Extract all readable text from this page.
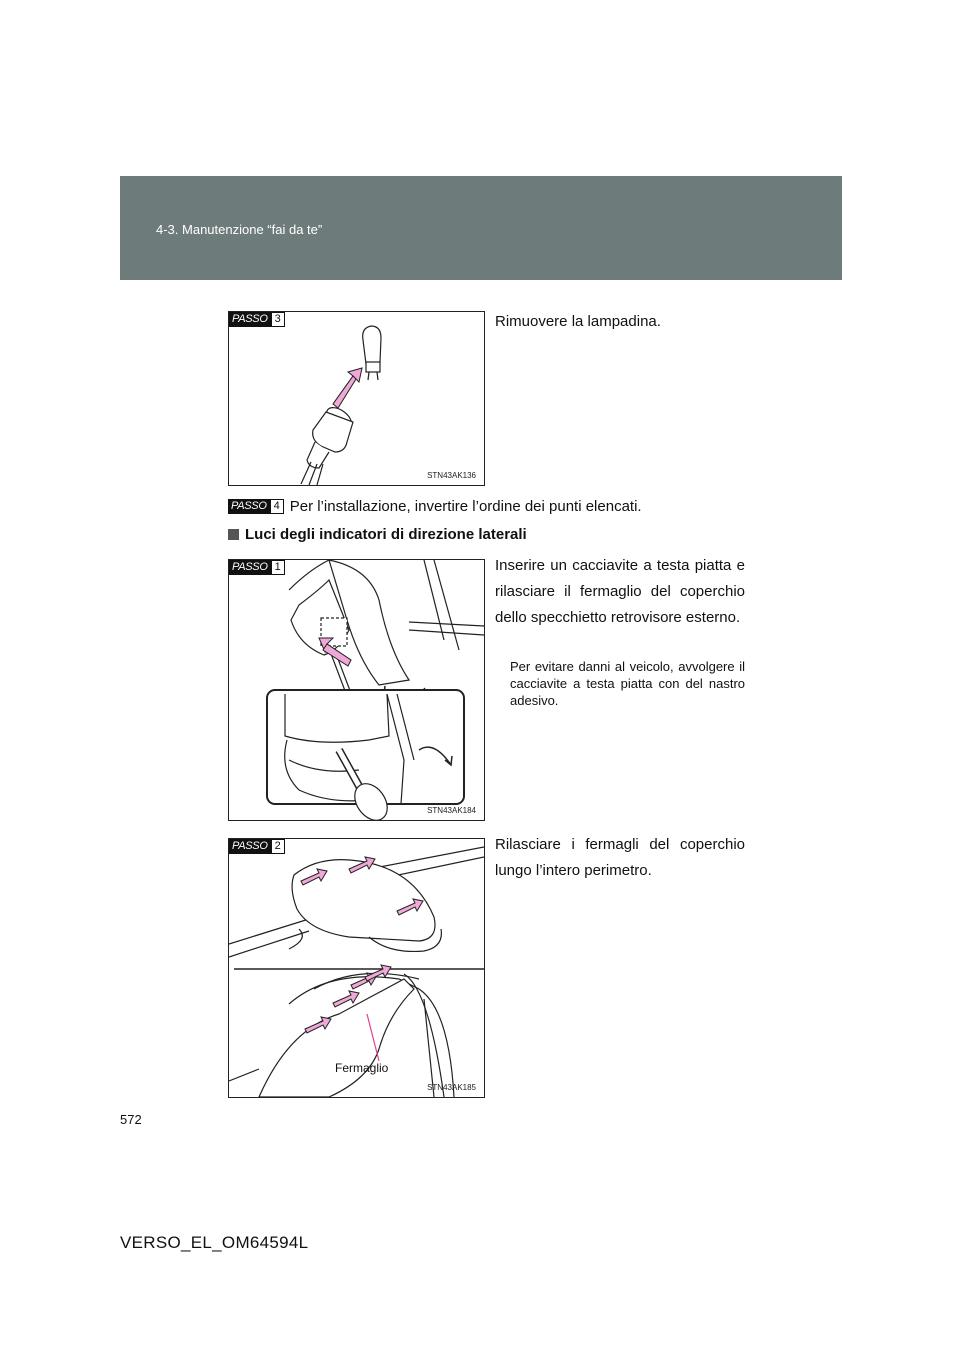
4-3. Manutenzione “fai da te”
PASSO 3
STN43AK136
Rimuovere la lampadina.
PASSO 4 Per l’installazione, invertire l’ordine dei punti elencati.
Luci degli indicatori di direzione laterali
PASSO 1
STN43AK184
Inserire un cacciavite a testa piatta e rilasciare il fermaglio del coperchio dello specchietto retrovisore esterno.
Per evitare danni al veicolo, avvolgere il cacciavite a testa piatta con del nastro adesivo.
PASSO 2
Fermaglio
STN43AK185
Rilasciare i fermagli del coperchio lungo l’intero perimetro.
572
VERSO_EL_OM64594L
